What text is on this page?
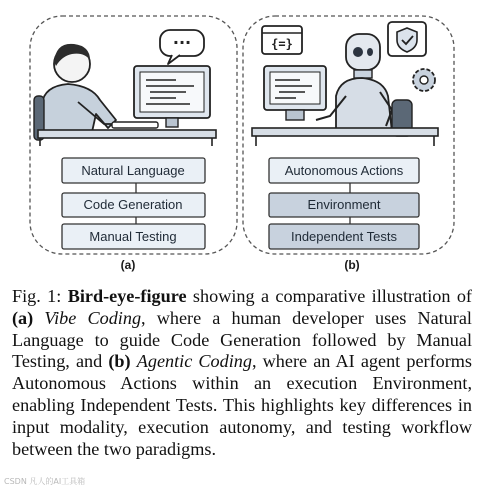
···
Natural Language
Code Generation
Manual Testing
{=}
Autonomous Actions
Environment
Independent Tests
(a)	(b)

Fig. 1: Bird-eye-figure showing a comparative illustration of (a) Vibe Coding, where a human developer uses Natural Language to guide Code Generation followed by Manual Testing, and (b) Agentic Coding, where an AI agent performs Autonomous Actions within an execution Environment, enabling Independent Tests. This highlights key differences in input modality, execution autonomy, and testing workflow between the two paradigms.

CSDN 凡人的AI工具箱
